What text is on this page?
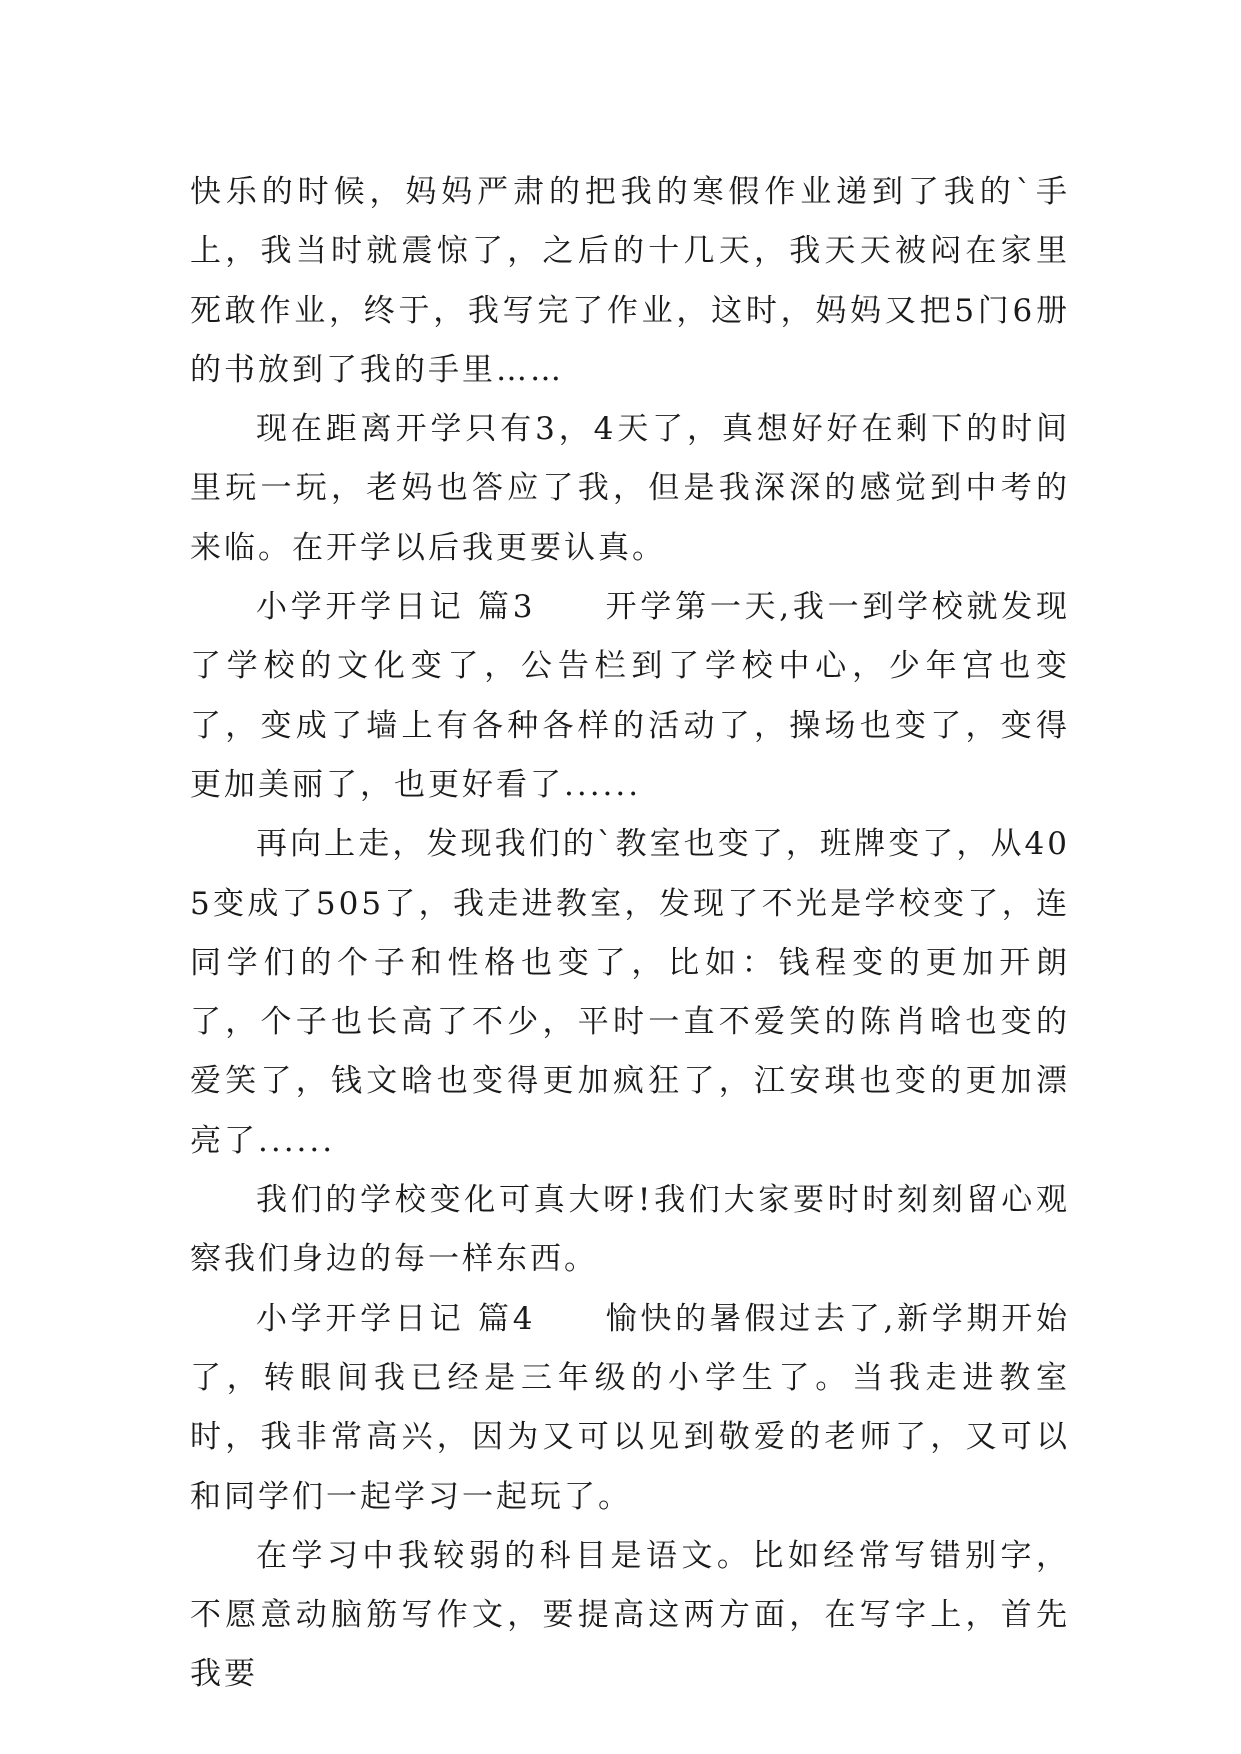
快乐的时候，妈妈严肃的把我的寒假作业递到了我的`手上，我当时就震惊了，之后的十几天，我天天被闷在家里死敢作业，终于，我写完了作业，这时，妈妈又把5门6册的书放到了我的手里……

现在距离开学只有3，4天了，真想好好在剩下的时间里玩一玩，老妈也答应了我，但是我深深的感觉到中考的来临。在开学以后我更要认真。

小学开学日记 篇3　　开学第一天,我一到学校就发现了学校的文化变了，公告栏到了学校中心，少年宫也变了，变成了墙上有各种各样的活动了，操场也变了，变得更加美丽了，也更好看了......

再向上走，发现我们的`教室也变了，班牌变了，从405变成了505了，我走进教室，发现了不光是学校变了，连同学们的个子和性格也变了，比如：钱程变的更加开朗了，个子也长高了不少，平时一直不爱笑的陈肖晗也变的爱笑了，钱文晗也变得更加疯狂了，江安琪也变的更加漂亮了......

我们的学校变化可真大呀!我们大家要时时刻刻留心观察我们身边的每一样东西。

小学开学日记 篇4　　愉快的暑假过去了,新学期开始了，转眼间我已经是三年级的小学生了。当我走进教室时，我非常高兴，因为又可以见到敬爱的老师了，又可以和同学们一起学习一起玩了。

在学习中我较弱的科目是语文。比如经常写错别字，不愿意动脑筋写作文，要提高这两方面，在写字上，首先我要
